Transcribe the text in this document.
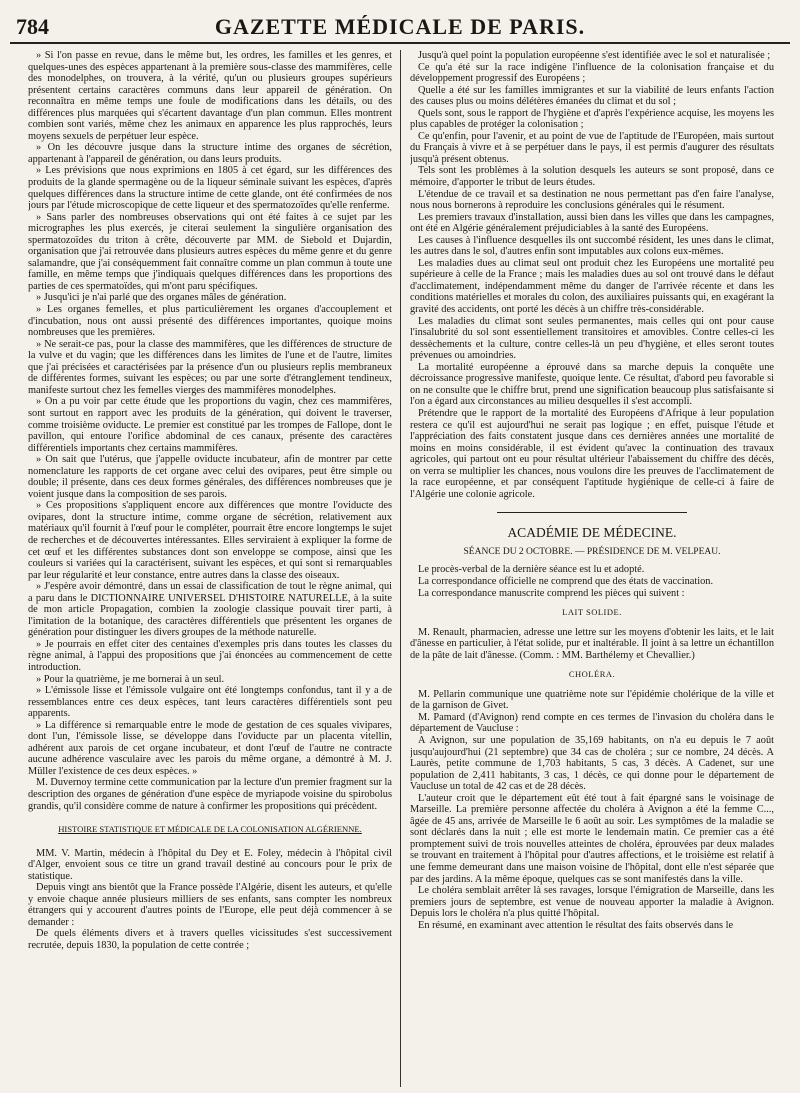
784	GAZETTE MÉDICALE DE PARIS.

» Si l'on passe en revue, dans le même but, les ordres, les familles et les genres, et quelques-unes des espèces appartenant à la première sous-classe des mammifères, celle des monodelphes, on trouvera, à la vérité, qu'un ou plusieurs groupes supérieurs présentent certains caractères communs dans leur appareil de génération. On reconnaîtra en même temps une foule de modifications dans les détails, ou des différences plus marquées qui s'écartent davantage d'un plan commun. Elles montrent combien sont variés, même chez les animaux en apparence les plus rapprochés, leurs moyens sexuels de perpétuer leur espèce.

» On les découvre jusque dans la structure intime des organes de sécrétion, appartenant à l'appareil de génération, ou dans leurs produits.

» Les prévisions que nous exprimions en 1805 à cet égard, sur les différences des produits de la glande spermagène ou de la liqueur séminale suivant les espèces, d'après quelques différences dans la structure intime de cette glande, ont été confirmées de nos jours par l'étude microscopique de cette liqueur et des spermatozoïdes qu'elle renferme.

» Sans parler des nombreuses observations qui ont été faites à ce sujet par les micrographes les plus exercés, je citerai seulement la singulière organisation des spermatozoïdes du triton à crête, découverte par MM. de Siebold et Dujardin, organisation que j'ai retrouvée dans plusieurs autres espèces du même genre et du genre salamandre, que j'ai conséquemment fait connaître comme un plan commun à toute une famille, en même temps que j'indiquais quelques différences dans les proportions des parties de ces spermatoïdes, qui m'ont paru spécifiques.

» Jusqu'ici je n'ai parlé que des organes mâles de génération.

» Les organes femelles, et plus particulièrement les organes d'accouplement et d'incubation, nous ont aussi présenté des différences importantes, quoique moins nombreuses que les premières.

» Ne serait-ce pas, pour la classe des mammifères, que les différences de structure de la vulve et du vagin; que les différences dans les limites de l'une et de l'autre, limites que j'ai précisées et caractérisées par la présence d'un ou plusieurs replis membraneux de différentes formes, suivant les espèces; ou par une sorte d'étranglement tendineux, manifeste surtout chez les femelles vierges des mammifères monodelphes.

» On a pu voir par cette étude que les proportions du vagin, chez ces mammifères, sont surtout en rapport avec les produits de la génération, qui doivent le traverser, comme troisième oviducte. Le premier est constitué par les trompes de Fallope, dont le pavillon, qui entoure l'orifice abdominal de ces canaux, présente des caractères différentiels importants chez certains mammifères.

» On sait que l'utérus, que j'appelle oviducte incubateur, afin de montrer par cette nomenclature les rapports de cet organe avec celui des ovipares, peut être simple ou double; il présente, dans ces deux formes générales, des différences nombreuses que je voient jusque dans la composition de ses parois.

» Ces propositions s'appliquent encore aux différences que montre l'oviducte des ovipares, dont la structure intime, comme organe de sécrétion, relativement aux matériaux qu'il fournit à l'œuf pour le compléter, pourrait être encore longtemps le sujet de recherches et de découvertes intéressantes. Elles serviraient à expliquer la forme de cet œuf et les différentes substances dont son enveloppe se compose, ainsi que les couleurs si variées qui la caractérisent, suivant les espèces, et qui sont si remarquables par leur régularité et leur constance, entre autres dans la classe des oiseaux.

» J'espère avoir démontré, dans un essai de classification de tout le règne animal, qui a paru dans le DICTIONNAIRE UNIVERSEL D'HISTOIRE NATURELLE, à la suite de mon article Propagation, combien la zoologie classique pouvait tirer parti, à l'imitation de la botanique, des caractères différentiels que présentent les organes de génération pour distinguer les divers groupes de la méthode naturelle.

» Je pourrais en effet citer des centaines d'exemples pris dans toutes les classes du règne animal, à l'appui des propositions que j'ai énoncées au commencement de cette introduction.

» Pour la quatrième, je me bornerai à un seul.

» L'émissole lisse et l'émissole vulgaire ont été longtemps confondus, tant il y a de ressemblances entre ces deux espèces, tant leurs caractères différentiels sont peu apparents.

» La différence si remarquable entre le mode de gestation de ces squales vivipares, dont l'un, l'émissole lisse, se développe dans l'oviducte par un placenta vitellin, adhérent aux parois de cet organe incubateur, et dont l'œuf de l'autre ne contracte aucune adhérence vasculaire avec les parois du même organe, a démontré à M. J. Müller l'existence de ces deux espèces. »

M. Duvernoy termine cette communication par la lecture d'un premier fragment sur la description des organes de génération d'une espèce de myriapode voisine du spirobolus grandis, qu'il considère comme de nature à confirmer les propositions qui précèdent.

HISTOIRE STATISTIQUE ET MÉDICALE DE LA COLONISATION ALGÉRIENNE.

MM. V. Martin, médecin à l'hôpital du Dey et E. Foley, médecin à l'hôpital civil d'Alger, envoient sous ce titre un grand travail destiné au concours pour le prix de statistique.

Depuis vingt ans bientôt que la France possède l'Algérie, disent les auteurs, et qu'elle y envoie chaque année plusieurs milliers de ses enfants, sans compter les nombreux étrangers qui y accourent d'autres points de l'Europe, elle peut déjà commencer à se demander :

De quels éléments divers et à travers quelles vicissitudes s'est successivement recrutée, depuis 1830, la population de cette contrée ;

Jusqu'à quel point la population européenne s'est identifiée avec le sol et naturalisée ;

Ce qu'a été sur la race indigène l'influence de la colonisation française et du développement progressif des Européens ;

Quelle a été sur les familles immigrantes et sur la viabilité de leurs enfants l'action des causes plus ou moins délétères émanées du climat et du sol ;

Quels sont, sous le rapport de l'hygiène et d'après l'expérience acquise, les moyens les plus capables de protéger la colonisation ;

Ce qu'enfin, pour l'avenir, et au point de vue de l'aptitude de l'Européen, mais surtout du Français à vivre et à se perpétuer dans le pays, il est permis d'augurer des résultats jusqu'à présent obtenus.

Tels sont les problèmes à la solution desquels les auteurs se sont proposé, dans ce mémoire, d'apporter le tribut de leurs études.

L'étendue de ce travail et sa destination ne nous permettant pas d'en faire l'analyse, nous nous bornerons à reproduire les conclusions générales qui le résument.

Les premiers travaux d'installation, aussi bien dans les villes que dans les campagnes, ont été en Algérie généralement préjudiciables à la santé des Européens.

Les causes à l'influence desquelles ils ont succombé résident, les unes dans le climat, les autres dans le sol, d'autres enfin sont imputables aux colons eux-mêmes.

Les maladies dues au climat seul ont produit chez les Européens une mortalité peu supérieure à celle de la France ; mais les maladies dues au sol ont trouvé dans le défaut d'acclimatement, indépendamment même du danger de l'arrivée récente et dans les conditions matérielles et morales du colon, des auxiliaires puissants qui, en exagérant la gravité des accidents, ont porté les décès à un chiffre très-considérable.

Les maladies du climat sont seules permanentes, mais celles qui ont pour cause l'insalubrité du sol sont essentiellement transitoires et amovibles. Contre celles-ci les dessèchements et la culture, contre celles-là un peu d'hygiène, et elles seront toutes prévenues ou amoindries.

La mortalité européenne a éprouvé dans sa marche depuis la conquête une décroissance progressive manifeste, quoique lente. Ce résultat, d'abord peu favorable si on ne consulte que le chiffre brut, prend une signification beaucoup plus satisfaisante si l'on a égard aux circonstances au milieu desquelles il s'est accompli.

Prétendre que le rapport de la mortalité des Européens d'Afrique à leur population restera ce qu'il est aujourd'hui ne serait pas logique ; en effet, puisque l'étude et l'appréciation des faits constatent jusque dans ces dernières années une mortalité de moins en moins considérable, il est évident qu'avec la continuation des travaux agricoles, qui partout ont eu pour résultat ultérieur l'abaissement du chiffre des décès, on verra se multiplier les chances, nous voulons dire les preuves de l'acclimatement de la race européenne, et par conséquent l'aptitude hygiénique de celle-ci à faire de l'Algérie une colonie agricole.

ACADÉMIE DE MÉDECINE.
SÉANCE DU 2 OCTOBRE. — PRÉSIDENCE DE M. VELPEAU.

Le procès-verbal de la dernière séance est lu et adopté.

La correspondance officielle ne comprend que des états de vaccination.

La correspondance manuscrite comprend les pièces qui suivent :

LAIT SOLIDE.

M. Renault, pharmacien, adresse une lettre sur les moyens d'obtenir les laits, et le lait d'ânesse en particulier, à l'état solide, pur et inaltérable. Il joint à sa lettre un échantillon de la pâte de lait d'ânesse. (Comm. : MM. Barthélemy et Chevallier.)

CHOLÉRA.

M. Pellarin communique une quatrième note sur l'épidémie cholérique de la ville et de la garnison de Givet.

M. Pamard (d'Avignon) rend compte en ces termes de l'invasion du choléra dans le département de Vaucluse :

A Avignon, sur une population de 35,169 habitants, on n'a eu depuis le 7 août jusqu'aujourd'hui (21 septembre) que 34 cas de choléra ; sur ce nombre, 24 décès. A Laurès, petite commune de 1,703 habitants, 5 cas, 3 décès. A Cadenet, sur une population de 2,411 habitants, 3 cas, 1 décès, ce qui donne pour le département de Vaucluse un total de 42 cas et de 28 décès.

L'auteur croit que le département eût été tout à fait épargné sans le voisinage de Marseille. La première personne affectée du choléra à Avignon a été la femme C..., âgée de 45 ans, arrivée de Marseille le 6 août au soir. Les symptômes de la maladie se sont déclarés dans la nuit ; elle est morte le lendemain matin. Ce premier cas a été promptement suivi de trois nouvelles atteintes de choléra, éprouvées par deux malades se trouvant en traitement à l'hôpital pour d'autres affections, et le troisième est relatif à une femme demeurant dans une maison voisine de l'hôpital, dont elle n'est séparée que par des jardins. A la même époque, quelques cas se sont manifestés dans la ville.

Le choléra semblait arrêter là ses ravages, lorsque l'émigration de Marseille, dans les premiers jours de septembre, est venue de nouveau apporter la maladie à Avignon. Depuis lors le choléra n'a plus quitté l'hôpital.

En résumé, en examinant avec attention le résultat des faits observés dans le
